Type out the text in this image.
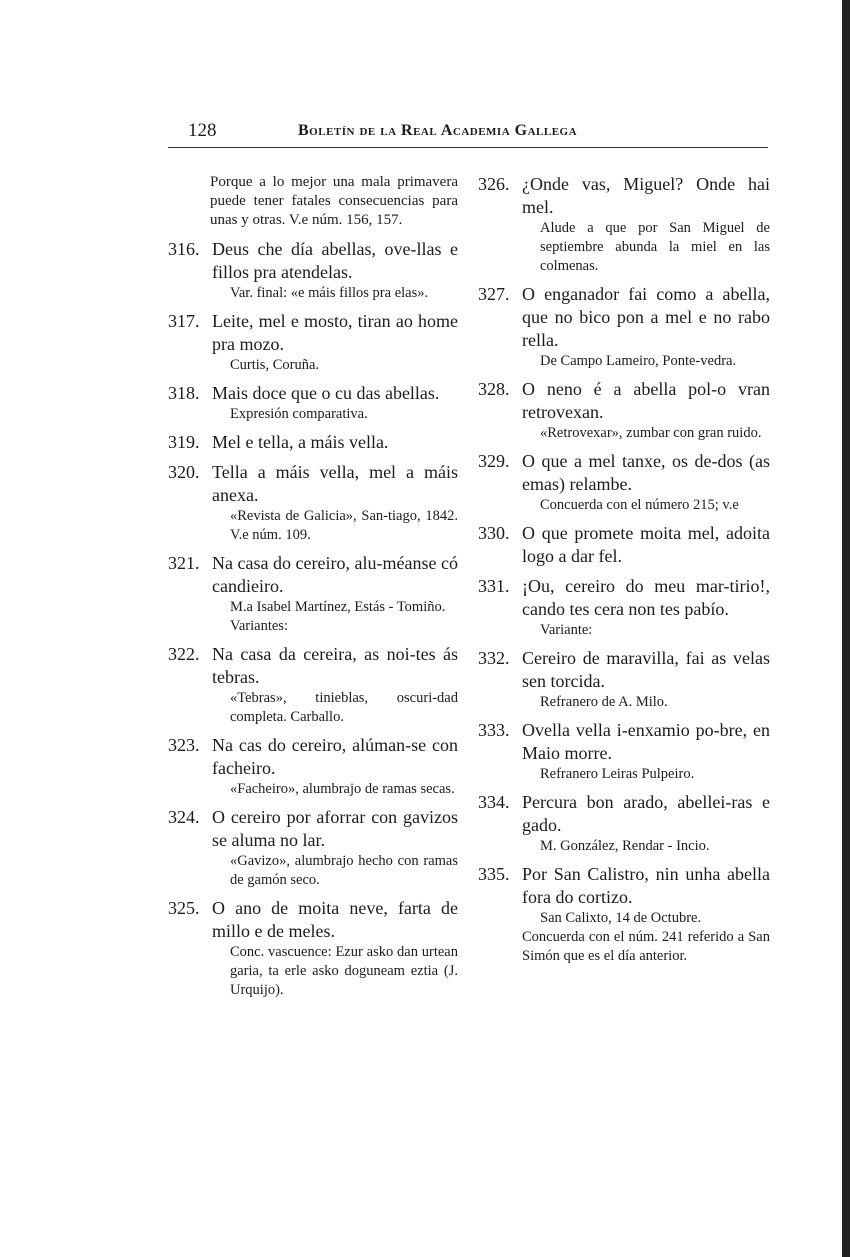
128	Boletín de la Real Academia Gallega
Porque a lo mejor una mala primavera puede tener fatales consecuencias para unas y otras. V.e núm. 156, 157.
316. Deus che día abellas, ove-llas e fillos pra atendelas.
Var. final: «e máis fillos pra elas».
317. Leite, mel e mosto, tiran ao home pra mozo.
Curtis, Coruña.
318. Mais doce que o cu das abellas.
Expresión comparativa.
319. Mel e tella, a máis vella.
320. Tella a máis vella, mel a máis anexa.
«Revista de Galicia», San-tiago, 1842. V.e núm. 109.
321. Na casa do cereiro, alu-méanse có candieiro.
M.a Isabel Martínez, Estás - Tomiño.
Variantes:
322. Na casa da cereira, as noi-tes ás tebras.
«Tebras», tinieblas, oscuri-dad completa. Carballo.
323. Na cas do cereiro, alúman-se con facheiro.
«Facheiro», alumbrajo de ramas secas.
324. O cereiro por aforrar con gavizos se aluma no lar.
«Gavizo», alumbrajo hecho con ramas de gamón seco.
325. O ano de moita neve, farta de millo e de meles.
Conc. vascuence: Ezur asko dan urtean garia, ta erle asko doguneam eztia (J. Urquijo).
326. ¿Onde vas, Miguel? Onde hai mel.
Alude a que por San Miguel de septiembre abunda la miel en las colmenas.
327. O enganador fai como a abella, que no bico pon a mel e no rabo rella.
De Campo Lameiro, Ponte-vedra.
328. O neno é a abella pol-o vran retrovexan.
«Retrovexar», zumbar con gran ruido.
329. O que a mel tanxe, os de-dos (as emas) relambe.
Concuerda con el número 215; v.e
330. O que promete moita mel, adoita logo a dar fel.
331. ¡Ou, cereiro do meu mar-tirio!, cando tes cera non tes pabío.
Variante:
332. Cereiro de maravilla, fai as velas sen torcida.
Refranero de A. Milo.
333. Ovella vella i-enxamio po-bre, en Maio morre.
Refranero Leiras Pulpeiro.
334. Percura bon arado, abellei-ras e gado.
M. González, Rendar - Incio.
335. Por San Calistro, nin unha abella fora do cortizo.
San Calixto, 14 de Octubre.
Concuerda con el núm. 241 referido a San Simón que es el día anterior.
